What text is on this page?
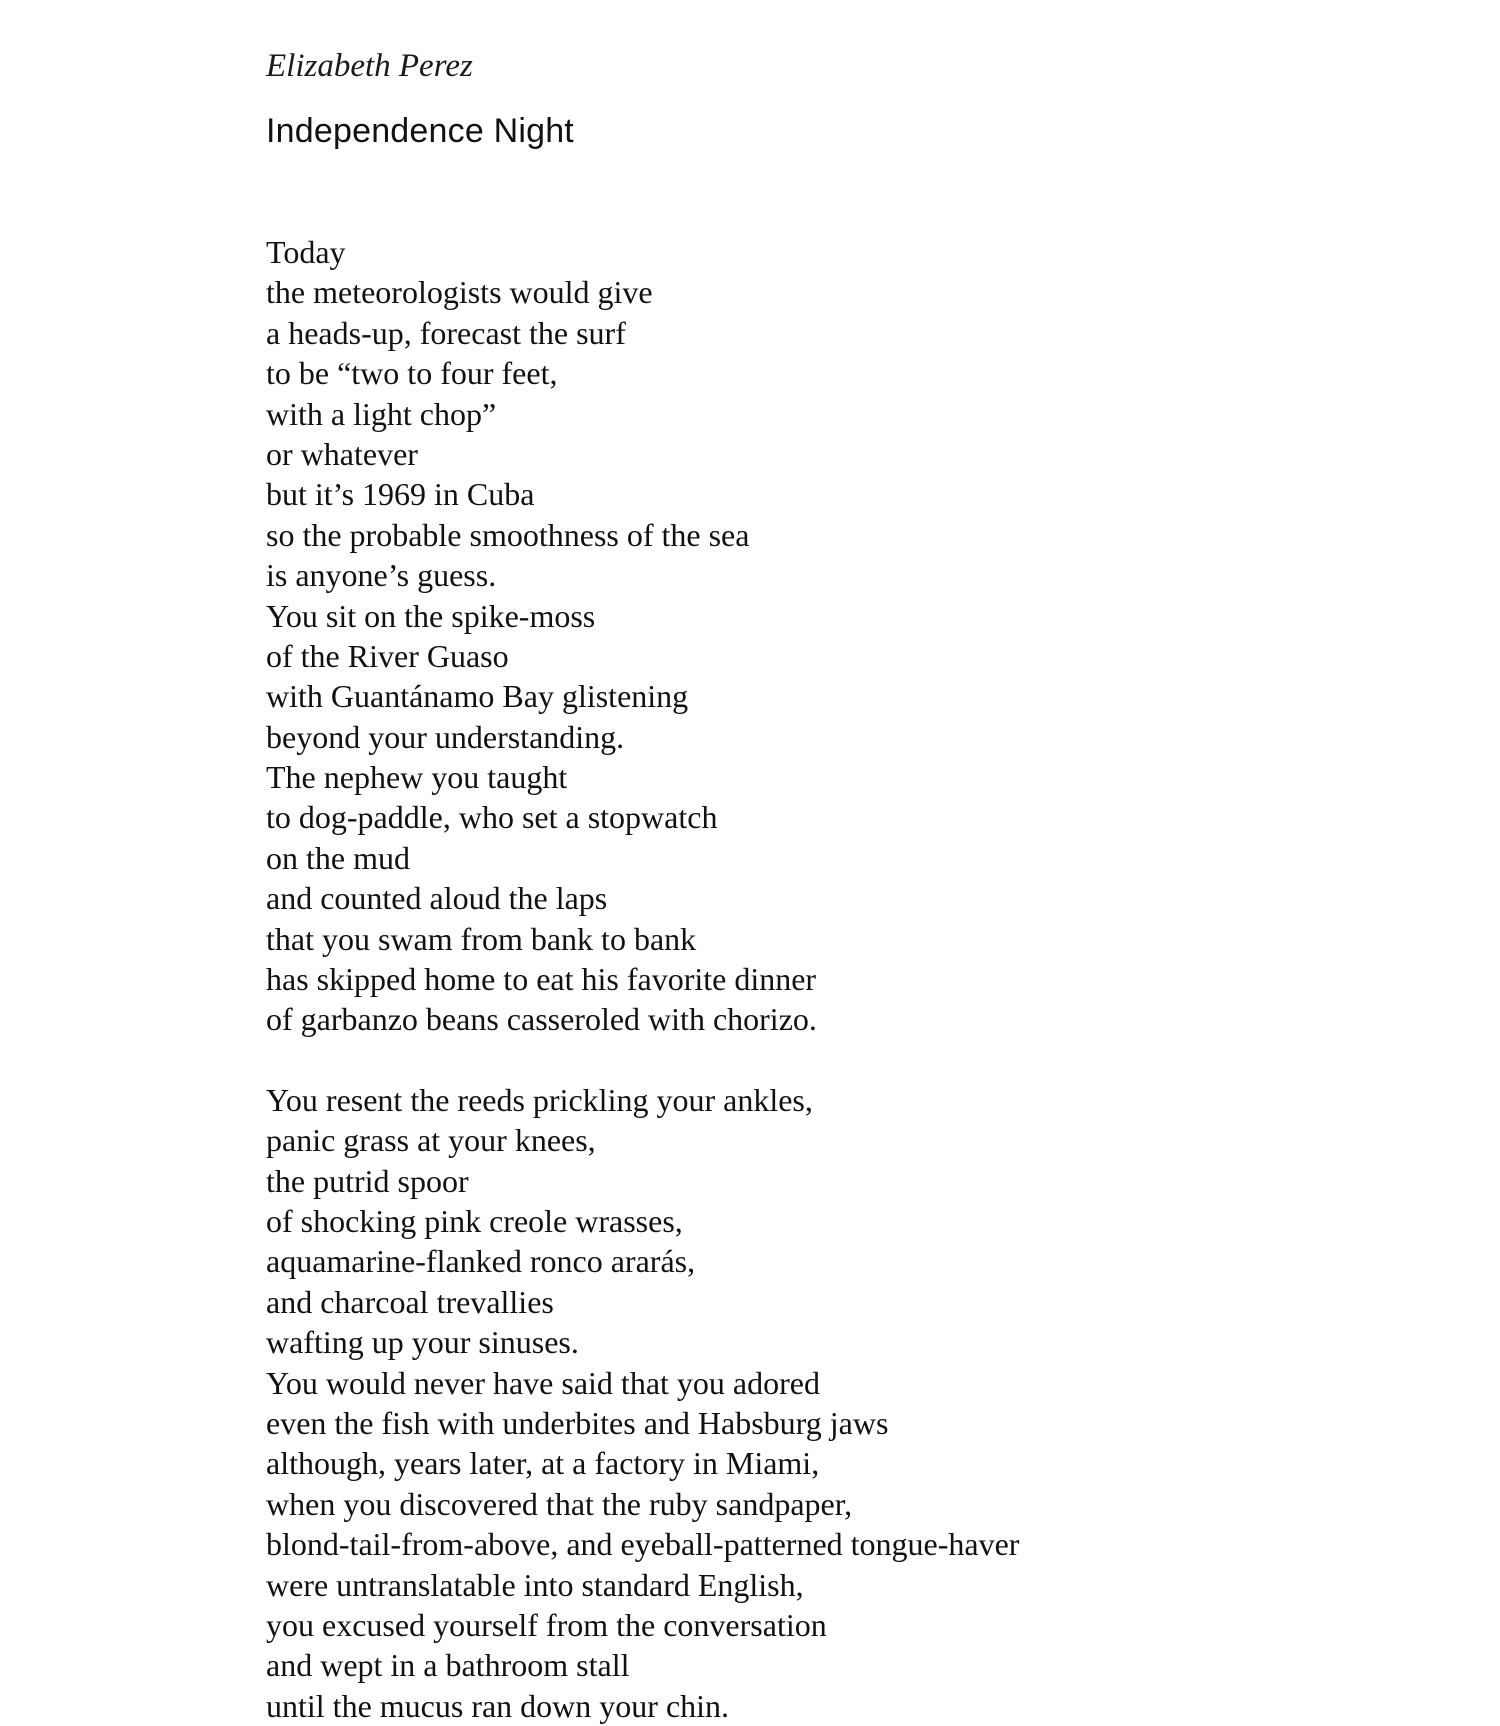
Elizabeth Perez

Independence Night
Today
the meteorologists would give
a heads-up, forecast the surf
to be “two to four feet,
with a light chop”
or whatever
but it’s 1969 in Cuba
so the probable smoothness of the sea
is anyone’s guess.
You sit on the spike-moss
of the River Guaso
with Guantánamo Bay glistening
beyond your understanding.
The nephew you taught
to dog-paddle, who set a stopwatch
on the mud
and counted aloud the laps
that you swam from bank to bank
has skipped home to eat his favorite dinner
of garbanzo beans casseroled with chorizo.
You resent the reeds prickling your ankles,
panic grass at your knees,
the putrid spoor
of shocking pink creole wrasses,
aquamarine-flanked ronco ararás,
and charcoal trevallies
wafting up your sinuses.
You would never have said that you adored
even the fish with underbites and Habsburg jaws
although, years later, at a factory in Miami,
when you discovered that the ruby sandpaper,
blond-tail-from-above, and eyeball-patterned tongue-haver
were untranslatable into standard English,
you excused yourself from the conversation
and wept in a bathroom stall
until the mucus ran down your chin.
